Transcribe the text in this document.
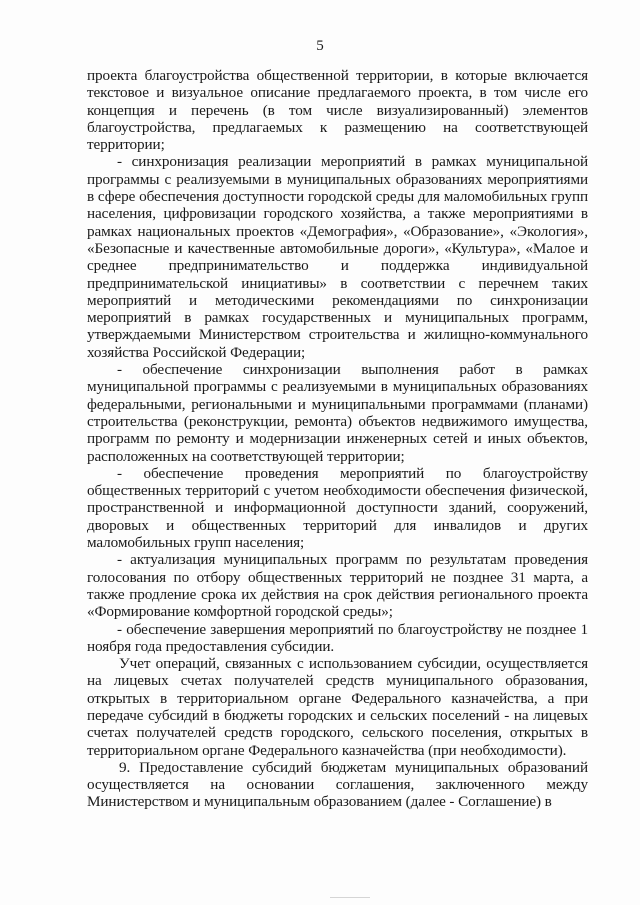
5

проекта благоустройства общественной территории, в которые включается текстовое и визуальное описание предлагаемого проекта, в том числе его концепция и перечень (в том числе визуализированный) элементов благоустройства, предлагаемых к размещению на соответствующей территории;

- синхронизация реализации мероприятий в рамках муниципальной программы с реализуемыми в муниципальных образованиях мероприятиями в сфере обеспечения доступности городской среды для маломобильных групп населения, цифровизации городского хозяйства, а также мероприятиями в рамках национальных проектов «Демография», «Образование», «Экология», «Безопасные и качественные автомобильные дороги», «Культура», «Малое и среднее предпринимательство и поддержка индивидуальной предпринимательской инициативы» в соответствии с перечнем таких мероприятий и методическими рекомендациями по синхронизации мероприятий в рамках государственных и муниципальных программ, утверждаемыми Министерством строительства и жилищно-коммунального хозяйства Российской Федерации;

- обеспечение синхронизации выполнения работ в рамках муниципальной программы с реализуемыми в муниципальных образованиях федеральными, региональными и муниципальными программами (планами) строительства (реконструкции, ремонта) объектов недвижимого имущества, программ по ремонту и модернизации инженерных сетей и иных объектов, расположенных на соответствующей территории;

- обеспечение проведения мероприятий по благоустройству общественных территорий с учетом необходимости обеспечения физической, пространственной и информационной доступности зданий, сооружений, дворовых и общественных территорий для инвалидов и других маломобильных групп населения;

- актуализация муниципальных программ по результатам проведения голосования по отбору общественных территорий не позднее 31 марта, а также продление срока их действия на срок действия регионального проекта «Формирование комфортной городской среды»;

- обеспечение завершения мероприятий по благоустройству не позднее 1 ноября года предоставления субсидии.

Учет операций, связанных с использованием субсидии, осуществляется на лицевых счетах получателей средств муниципального образования, открытых в территориальном органе Федерального казначейства, а при передаче субсидий в бюджеты городских и сельских поселений - на лицевых счетах получателей средств городского, сельского поселения, открытых в территориальном органе Федерального казначейства (при необходимости).

9. Предоставление субсидий бюджетам муниципальных образований осуществляется на основании соглашения, заключенного между Министерством и муниципальным образованием (далее - Соглашение) в
